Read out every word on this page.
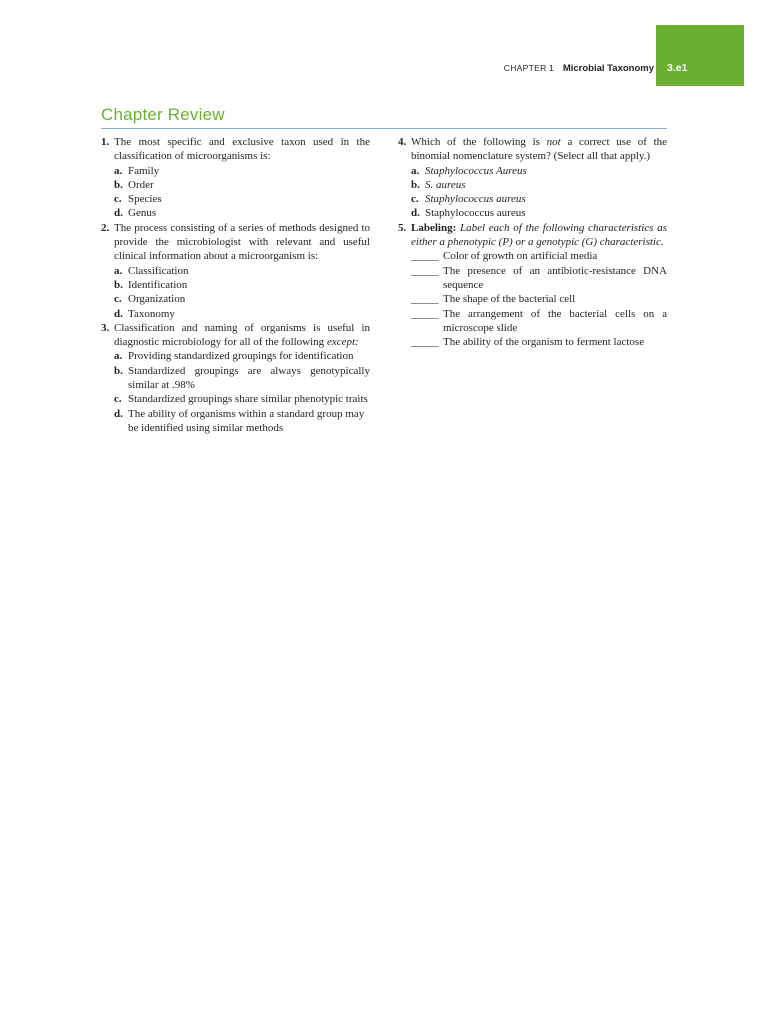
CHAPTER 1 Microbial Taxonomy 3.e1
Chapter Review
1. The most specific and exclusive taxon used in the classification of microorganisms is:
a. Family
b. Order
c. Species
d. Genus
2. The process consisting of a series of methods designed to provide the microbiologist with relevant and useful clinical information about a microorganism is:
a. Classification
b. Identification
c. Organization
d. Taxonomy
3. Classification and naming of organisms is useful in diagnostic microbiology for all of the following except:
a. Providing standardized groupings for identification
b. Standardized groupings are always genotypically similar at .98%
c. Standardized groupings share similar phenotypic traits
d. The ability of organisms within a standard group may be identified using similar methods
4. Which of the following is not a correct use of the binomial nomenclature system? (Select all that apply.)
a. Staphylococcus Aureus
b. S. aureus
c. Staphylococcus aureus
d. Staphylococcus aureus
5. Labeling: Label each of the following characteristics as either a phenotypic (P) or a genotypic (G) characteristic.
_____ Color of growth on artificial media
_____ The presence of an antibiotic-resistance DNA sequence
_____ The shape of the bacterial cell
_____ The arrangement of the bacterial cells on a microscope slide
_____ The ability of the organism to ferment lactose
